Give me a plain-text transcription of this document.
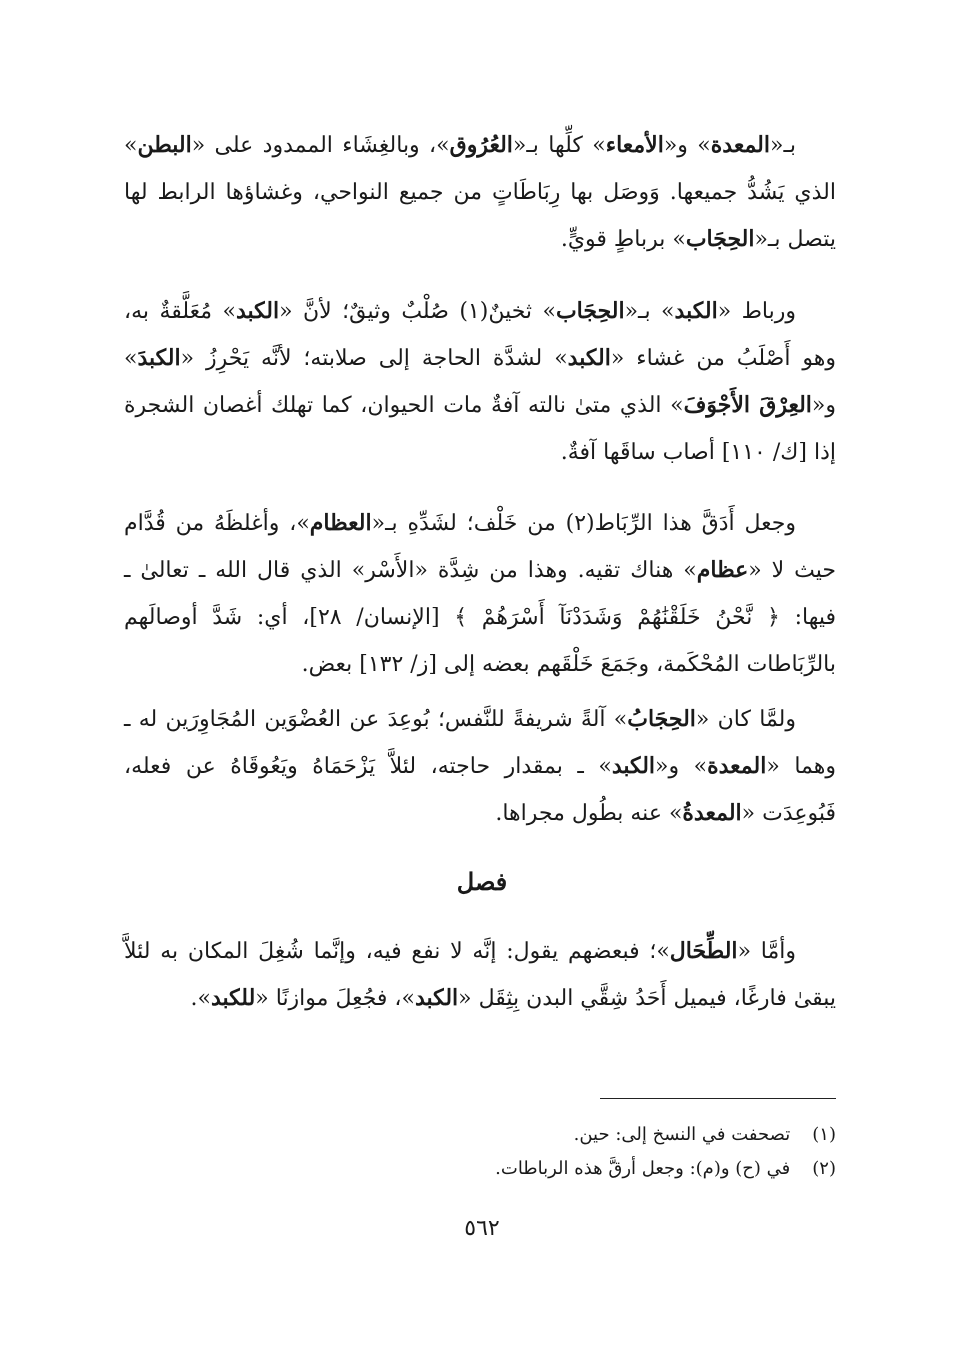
بـ«المعدة» و«الأمعاء» كلِّها بـ«العُرُوق»، وبالغِشَاء الممدود على «البطن» الذي يَشُدُّ جميعها. وَوصَل بها رِبَاطَاتٍ من جميع النواحي، وغشاؤها الرابط لها يتصل بـ«الحِجَاب» برباطٍ قويٍّ.

ورباط «الكبد» بـ«الحِجَاب» ثخينٌ(١) صُلْبٌ وثيقٌ؛ لأنَّ «الكبد» مُعَلَّقةٌ به، وهو أَصْلَبُ من غشاء «الكبد» لشدَّة الحاجة إلى صلابته؛ لأنَّه يَحْرِزُ «الكبدَ» و«العِرْقَ الأَجْوَفَ» الذي متىٰ نالته آفةٌ مات الحيوان، كما تهلك أغصان الشجرة إذا [ك/ ١١٠] أصاب ساقَها آفةٌ.

وجعل أَدَقَّ هذا الرِّبَاط(٢) من خَلْف؛ لشَدِّهِ بـ«العظام»، وأغلظَهُ من قُدَّام حيث لا «عظام» هناك تقيه. وهذا من شِدَّة «الأَسْر» الذي قال الله ـ تعالىٰ ـ فيها: ﴿ نَّحْنُ خَلَقْنَٰهُمْ وَشَدَدْنَآ أَسْرَهُمْ ﴾ [الإنسان/ ٢٨]، أي: شَدَّ أوصالَهم بالرِّبَاطات المُحْكَمة، وجَمَعَ خَلْقَهم بعضه إلى [ز/ ١٣٢] بعض.

ولمَّا كان «الحِجَابُ» آلةً شريفةً للنَّفس؛ بُوعِدَ عن العُضْوَين المُجَاوِرَين له ـ وهما «المعدة» و«الكبد» ـ بمقدار حاجته، لئلاَّ يَزْحَمَاهُ ويَعُوقَاهُ عن فعله، فَبُوعِدَت «المعدةُ» عنه بطُول مجراها.

فصل

وأمَّا «الطِّحَال»؛ فبعضهم يقول: إنَّه لا نفع فيه، وإنَّما شُغِلَ المكان به لئلاَّ يبقىٰ فارغًا، فيميل أَحَدُ شِقَّي البدن بِثِقَل «الكبد»، فجُعِلَ موازنًا «للكبد».

(١) تصحفت في النسخ إلى: حين.
(٢) في (ح) و(م): وجعل أرقَّ هذه الرباطات.
٥٦٢
